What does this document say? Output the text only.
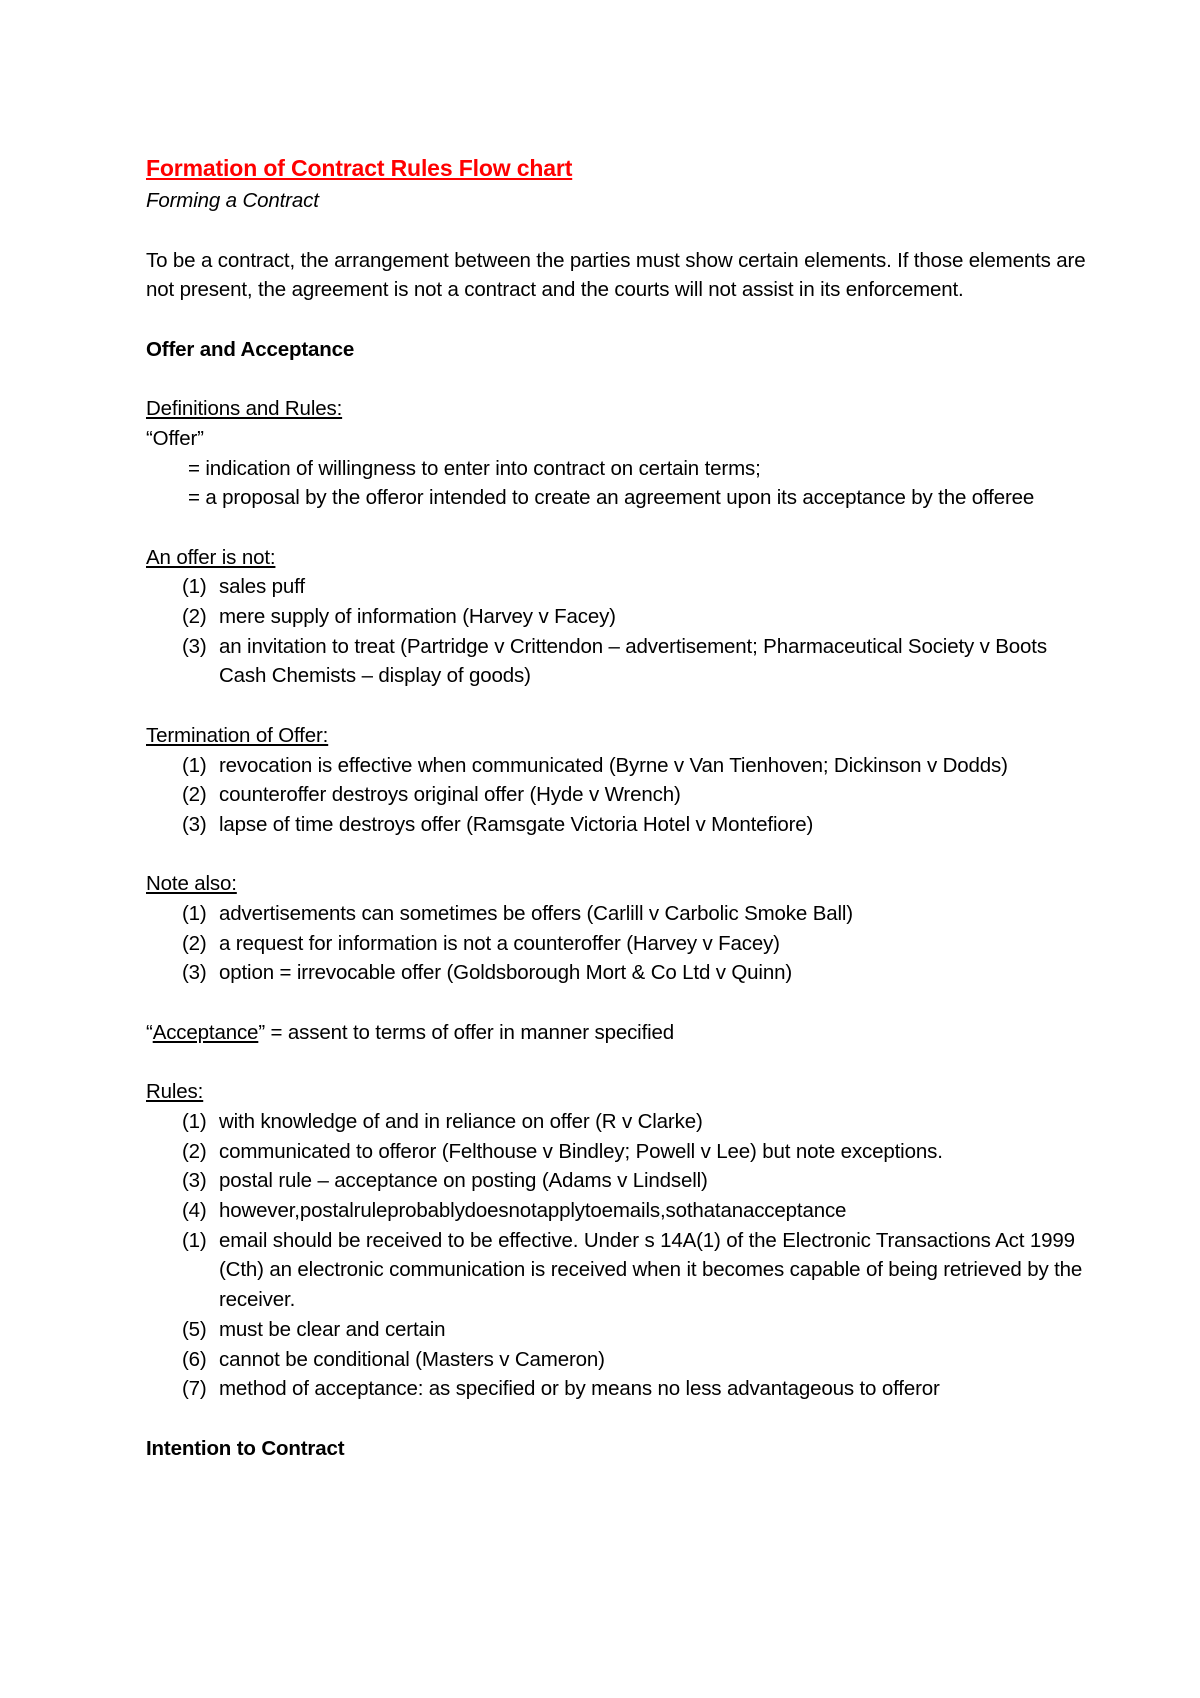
Formation of Contract Rules Flow chart

Forming a Contract

To be a contract, the arrangement between the parties must show certain elements. If those elements are not present, the agreement is not a contract and the courts will not assist in its enforcement.

Offer and Acceptance

Definitions and Rules:

“Offer”

= indication of willingness to enter into contract on certain terms;

= a proposal by the offeror intended to create an agreement upon its acceptance by the offeree

An offer is not:

(1) sales puff
(2) mere supply of information (Harvey v Facey)
(3) an invitation to treat (Partridge v Crittendon – advertisement; Pharmaceutical Society v Boots Cash Chemists – display of goods)

Termination of Offer:

(1) revocation is effective when communicated (Byrne v Van Tienhoven; Dickinson v Dodds)
(2) counteroffer destroys original offer (Hyde v Wrench)
(3) lapse of time destroys offer (Ramsgate Victoria Hotel v Montefiore)

Note also:

(1) advertisements can sometimes be offers (Carlill v Carbolic Smoke Ball)
(2) a request for information is not a counteroffer (Harvey v Facey)
(3) option = irrevocable offer (Goldsborough Mort & Co Ltd v Quinn)

“Acceptance” = assent to terms of offer in manner specified

Rules:

(1) with knowledge of and in reliance on offer (R v Clarke)
(2) communicated to offeror (Felthouse v Bindley; Powell v Lee) but note exceptions.
(3) postal rule – acceptance on posting (Adams v Lindsell)
(4) however,postalruleprobablydoesnotapplytoemails,sothatanacceptance
(1) email should be received to be effective. Under s 14A(1) of the Electronic Transactions Act 1999 (Cth) an electronic communication is received when it becomes capable of being retrieved by the receiver.
(5) must be clear and certain
(6) cannot be conditional (Masters v Cameron)
(7) method of acceptance: as specified or by means no less advantageous to offeror

Intention to Contract
